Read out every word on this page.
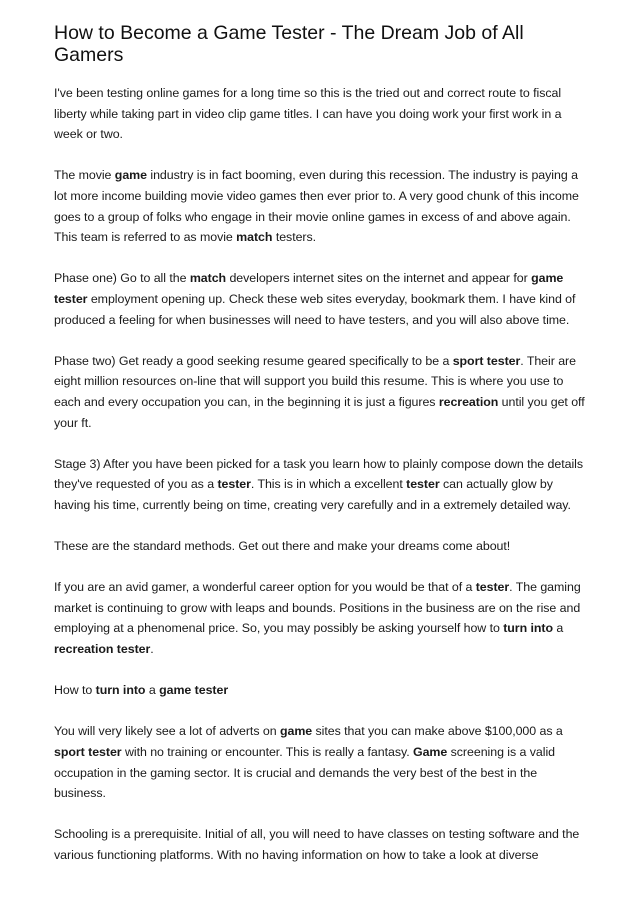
How to Become a Game Tester - The Dream Job of All Gamers

I've been testing online games for a long time so this is the tried out and correct route to fiscal liberty while taking part in video clip game titles. I can have you doing work your first work in a week or two.

The movie game industry is in fact booming, even during this recession. The industry is paying a lot more income building movie video games then ever prior to. A very good chunk of this income goes to a group of folks who engage in their movie online games in excess of and above again. This team is referred to as movie match testers.

Phase one) Go to all the match developers internet sites on the internet and appear for game tester employment opening up. Check these web sites everyday, bookmark them. I have kind of produced a feeling for when businesses will need to have testers, and you will also above time.

Phase two) Get ready a good seeking resume geared specifically to be a sport tester. Their are eight million resources on-line that will support you build this resume. This is where you use to each and every occupation you can, in the beginning it is just a figures recreation until you get off your ft.

Stage 3) After you have been picked for a task you learn how to plainly compose down the details they've requested of you as a tester. This is in which a excellent tester can actually glow by having his time, currently being on time, creating very carefully and in a extremely detailed way.

These are the standard methods. Get out there and make your dreams come about!

If you are an avid gamer, a wonderful career option for you would be that of a tester. The gaming market is continuing to grow with leaps and bounds. Positions in the business are on the rise and employing at a phenomenal price. So, you may possibly be asking yourself how to turn into a recreation tester.

How to turn into a game tester

You will very likely see a lot of adverts on game sites that you can make above $100,000 as a sport tester with no training or encounter. This is really a fantasy. Game screening is a valid occupation in the gaming sector. It is crucial and demands the very best of the best in the business.

Schooling is a prerequisite. Initial of all, you will need to have classes on testing software and the various functioning platforms. With no having information on how to take a look at diverse
